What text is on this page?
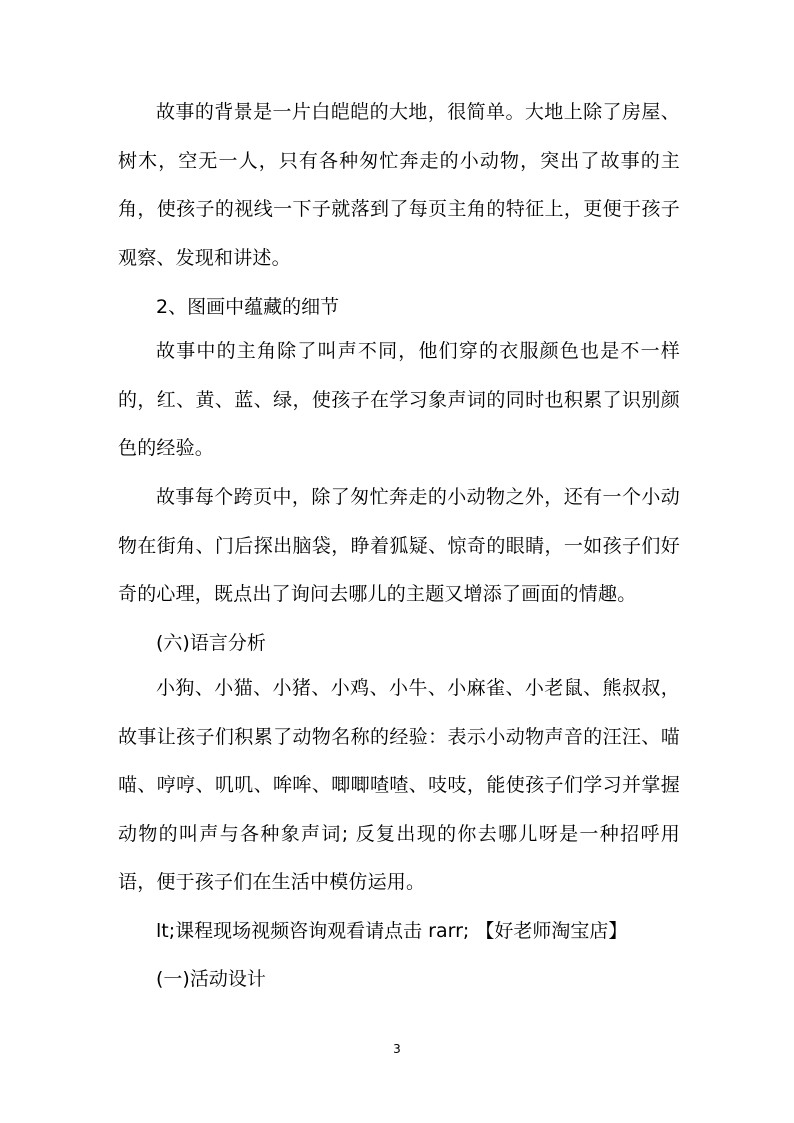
故事的背景是一片白皑皑的大地，很简单。大地上除了房屋、树木，空无一人，只有各种匆忙奔走的小动物，突出了故事的主角，使孩子的视线一下子就落到了每页主角的特征上，更便于孩子观察、发现和讲述。

2、图画中蕴藏的细节

故事中的主角除了叫声不同，他们穿的衣服颜色也是不一样的，红、黄、蓝、绿，使孩子在学习象声词的同时也积累了识别颜色的经验。

故事每个跨页中，除了匆忙奔走的小动物之外，还有一个小动物在街角、门后探出脑袋，睁着狐疑、惊奇的眼睛，一如孩子们好奇的心理，既点出了询问去哪儿的主题又增添了画面的情趣。

(六)语言分析

小狗、小猫、小猪、小鸡、小牛、小麻雀、小老鼠、熊叔叔，故事让孩子们积累了动物名称的经验：表示小动物声音的汪汪、喵喵、哼哼、叽叽、哞哞、唧唧喳喳、吱吱，能使孩子们学习并掌握动物的叫声与各种象声词; 反复出现的你去哪儿呀是一种招呼用语，便于孩子们在生活中模仿运用。

lt;课程现场视频咨询观看请点击 rarr; 【好老师淘宝店】

(一)活动设计

3
